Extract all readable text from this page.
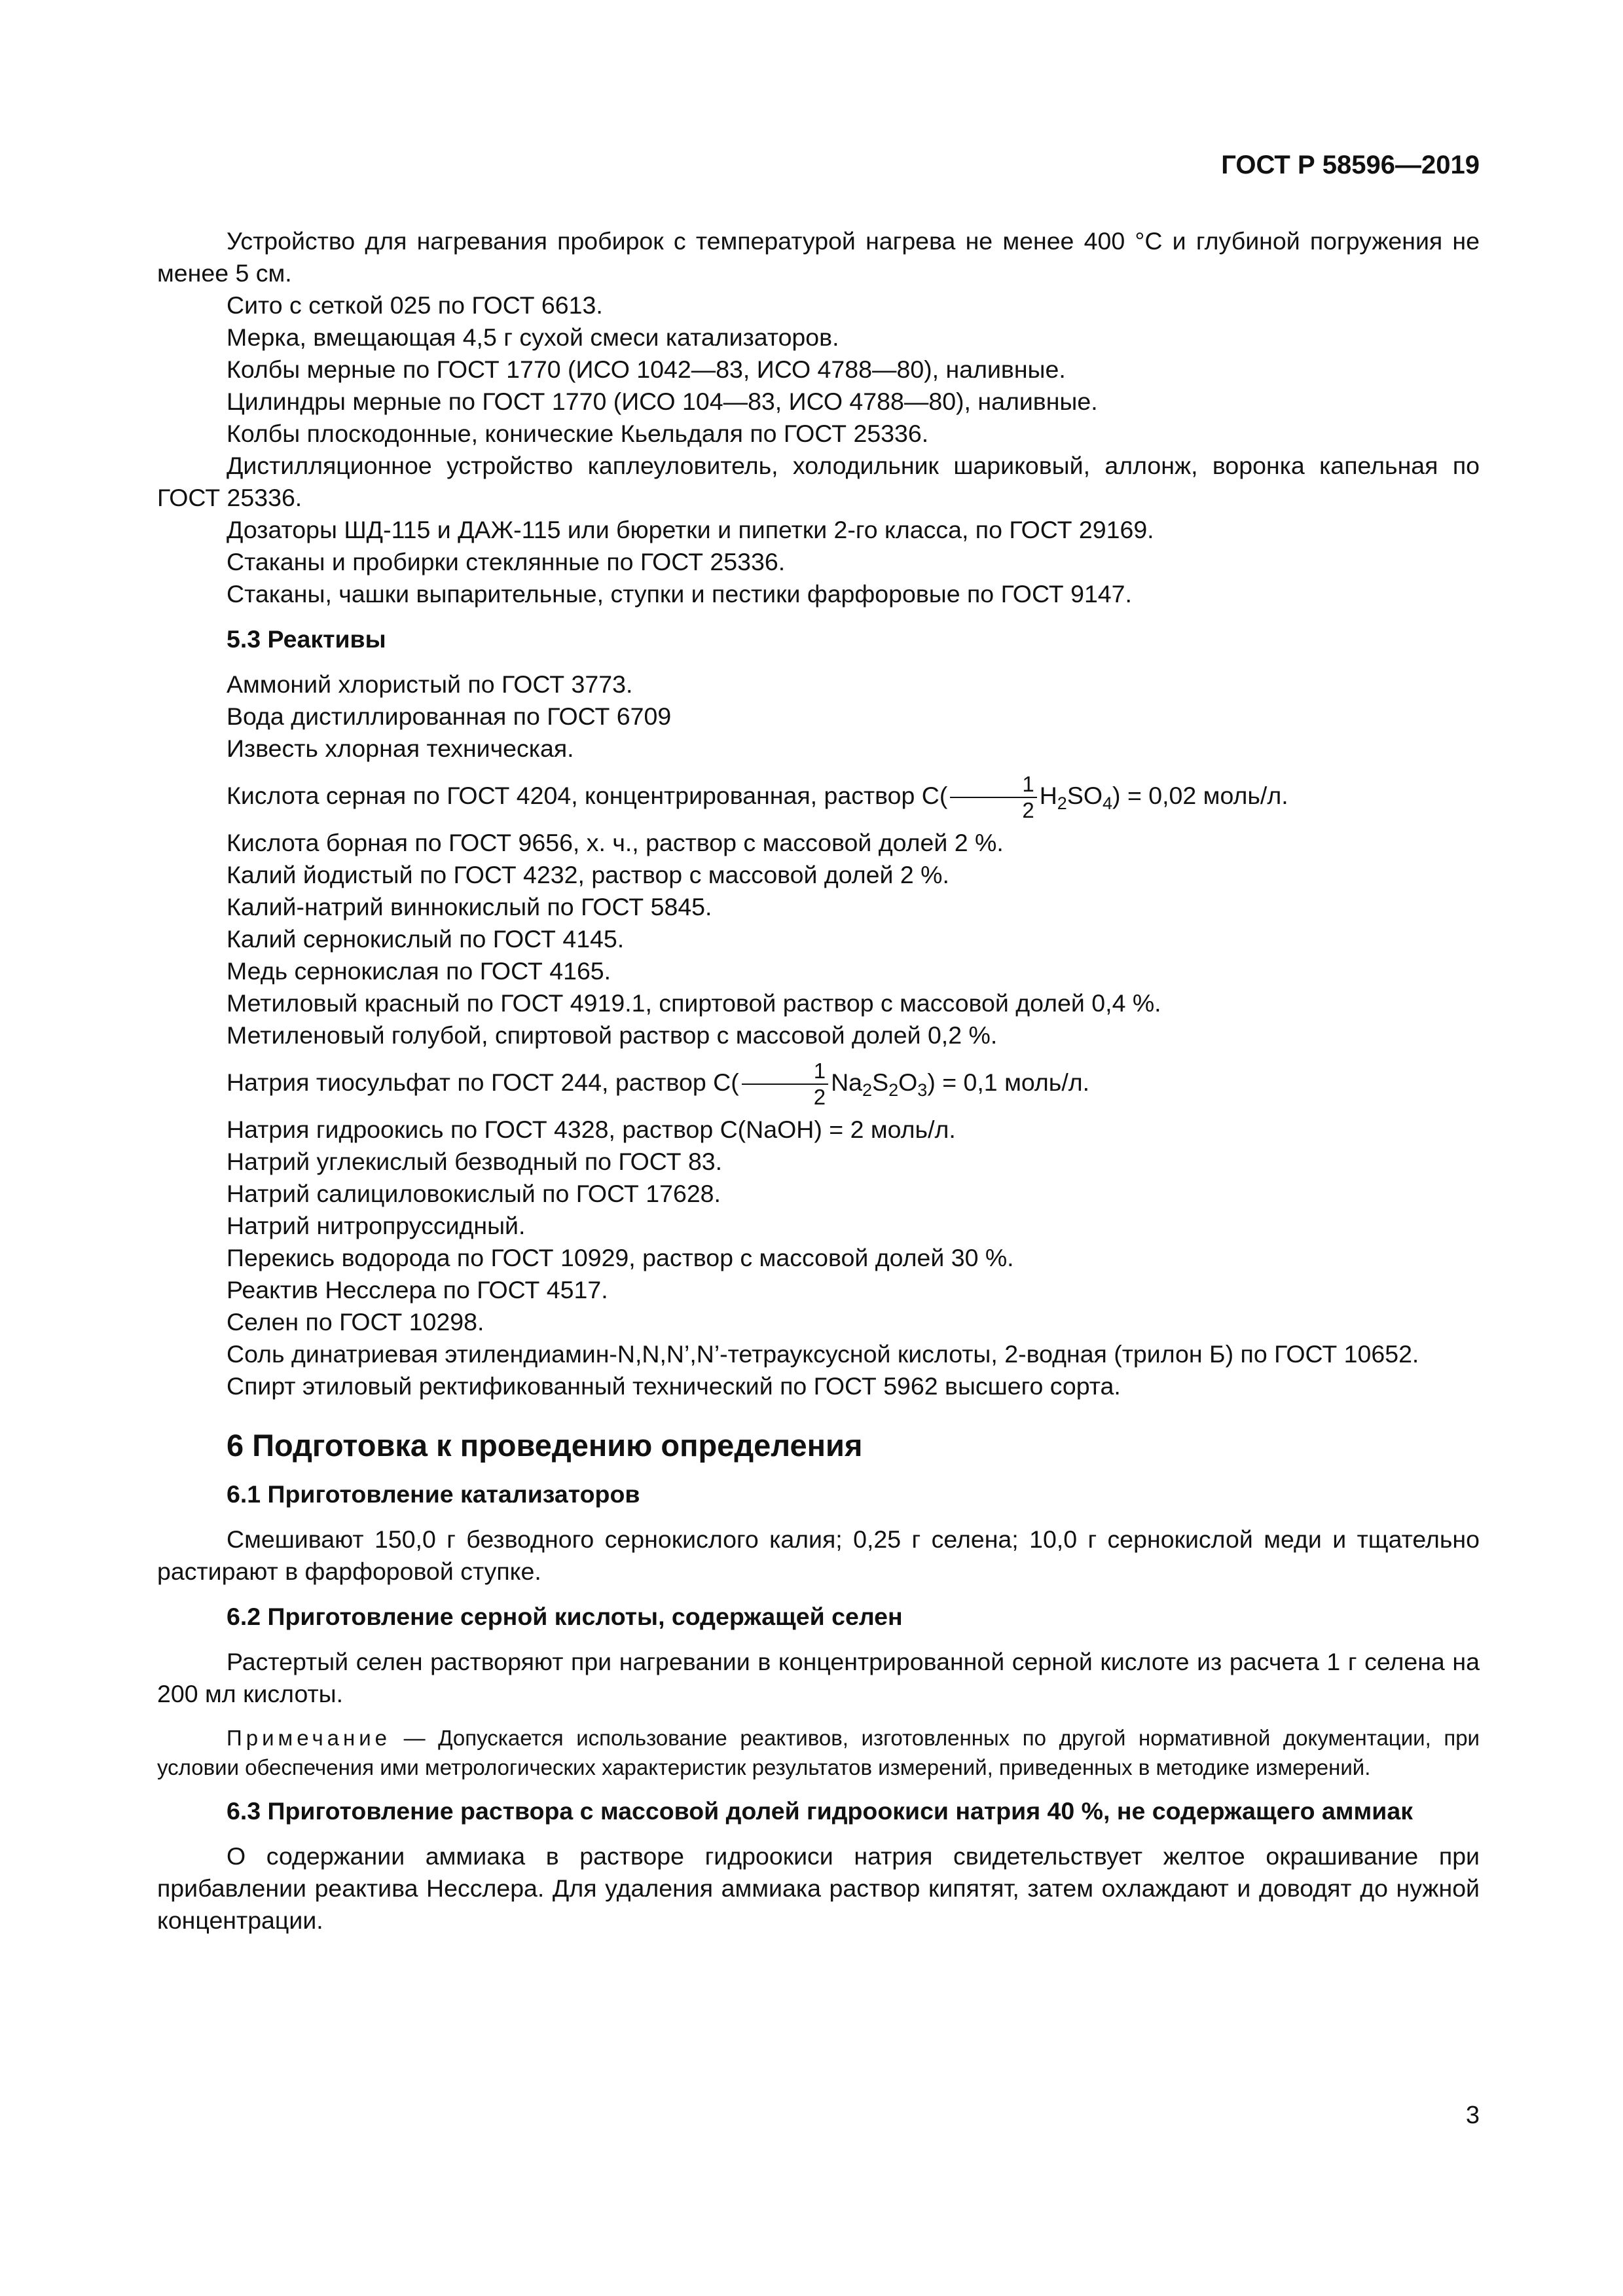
ГОСТ Р 58596—2019

Устройство для нагревания пробирок с температурой нагрева не менее 400 °С и глубиной погружения не менее 5 см.

Сито с сеткой 025 по ГОСТ 6613.

Мерка, вмещающая 4,5 г сухой смеси катализаторов.

Колбы мерные по ГОСТ 1770 (ИСО 1042—83, ИСО 4788—80), наливные.

Цилиндры мерные по ГОСТ 1770 (ИСО 104—83, ИСО 4788—80), наливные.

Колбы плоскодонные, конические Кьельдаля по ГОСТ 25336.

Дистилляционное устройство каплеуловитель, холодильник шариковый, аллонж, воронка капельная по ГОСТ 25336.

Дозаторы ШД-115 и ДАЖ-115 или бюретки и пипетки 2-го класса, по ГОСТ 29169.

Стаканы и пробирки стеклянные по ГОСТ 25336.

Стаканы, чашки выпарительные, ступки и пестики фарфоровые по ГОСТ 9147.

5.3 Реактивы

Аммоний хлористый по ГОСТ 3773.

Вода дистиллированная по ГОСТ 6709

Известь хлорная техническая.

Кислота серная по ГОСТ 4204, концентрированная, раствор $С( \frac{1}{2} H_2SO_4) = 0,02$ моль/л.

Кислота борная по ГОСТ 9656, х. ч., раствор с массовой долей 2 %.

Калий йодистый по ГОСТ 4232, раствор с массовой долей 2 %.

Калий-натрий виннокислый по ГОСТ 5845.

Калий сернокислый по ГОСТ 4145.

Медь сернокислая по ГОСТ 4165.

Метиловый красный по ГОСТ 4919.1, спиртовой раствор с массовой долей 0,4 %.

Метиленовый голубой, спиртовой раствор с массовой долей 0,2 %.

Натрия тиосульфат по ГОСТ 244, раствор $С( \frac{1}{2} Na_2S_2O_3) = 0,1$ моль/л.

Натрия гидроокись по ГОСТ 4328, раствор С(NaOH) = 2 моль/л.

Натрий углекислый безводный по ГОСТ 83.

Натрий салициловокислый по ГОСТ 17628.

Натрий нитропруссидный.

Перекись водорода по ГОСТ 10929, раствор с массовой долей 30 %.

Реактив Несслера по ГОСТ 4517.

Селен по ГОСТ 10298.

Соль динатриевая этилендиамин-N,N,N’,N’-тетрауксусной кислоты, 2-водная (трилон Б) по ГОСТ 10652.

Спирт этиловый ректификованный технический по ГОСТ 5962 высшего сорта.

6 Подготовка к проведению определения

6.1 Приготовление катализаторов

Смешивают 150,0 г безводного сернокислого калия; 0,25 г селена; 10,0 г сернокислой меди и тщательно растирают в фарфоровой ступке.

6.2 Приготовление серной кислоты, содержащей селен

Растертый селен растворяют при нагревании в концентрированной серной кислоте из расчета 1 г селена на 200 мл кислоты.

Примечание — Допускается использование реактивов, изготовленных по другой нормативной документации, при условии обеспечения ими метрологических характеристик результатов измерений, приведенных в методике измерений.

6.3 Приготовление раствора с массовой долей гидроокиси натрия 40 %, не содержащего аммиак

О содержании аммиака в растворе гидроокиси натрия свидетельствует желтое окрашивание при прибавлении реактива Несслера. Для удаления аммиака раствор кипятят, затем охлаждают и доводят до нужной концентрации.

3
